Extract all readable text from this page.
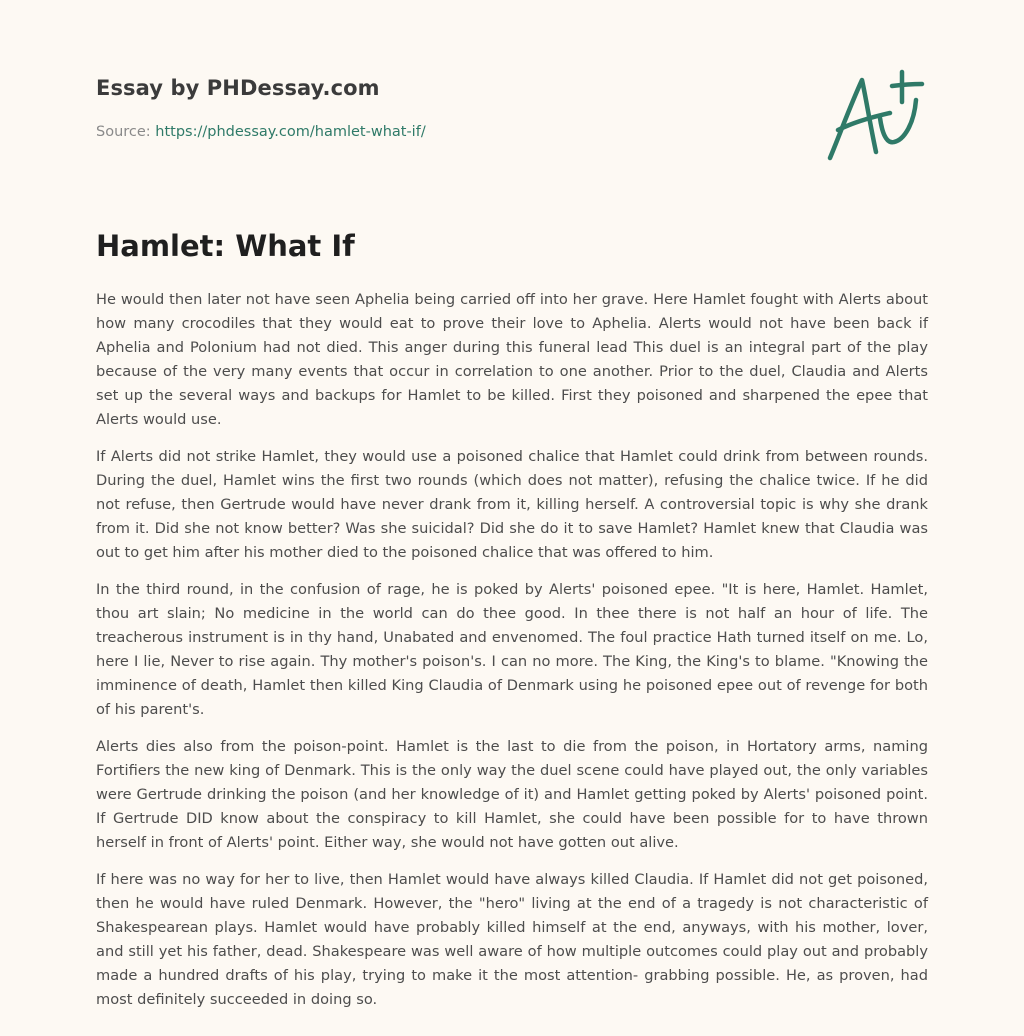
Essay by PHDessay.com
Source: https://phdessay.com/hamlet-what-if/
Hamlet: What If

He would then later not have seen Aphelia being carried off into her grave. Here Hamlet fought with Alerts about how many crocodiles that they would eat to prove their love to Aphelia. Alerts would not have been back if Aphelia and Polonium had not died. This anger during this funeral lead This duel is an integral part of the play because of the very many events that occur in correlation to one another. Prior to the duel, Claudia and Alerts set up the several ways and backups for Hamlet to be killed. First they poisoned and sharpened the epee that Alerts would use.

If Alerts did not strike Hamlet, they would use a poisoned chalice that Hamlet could drink from between rounds. During the duel, Hamlet wins the first two rounds (which does not matter), refusing the chalice twice. If he did not refuse, then Gertrude would have never drank from it, killing herself. A controversial topic is why she drank from it. Did she not know better? Was she suicidal? Did she do it to save Hamlet? Hamlet knew that Claudia was out to get him after his mother died to the poisoned chalice that was offered to him.

In the third round, in the confusion of rage, he is poked by Alerts' poisoned epee. "It is here, Hamlet. Hamlet, thou art slain; No medicine in the world can do thee good. In thee there is not half an hour of life. The treacherous instrument is in thy hand, Unabated and envenomed. The foul practice Hath turned itself on me. Lo, here I lie, Never to rise again. Thy mother's poison's. I can no more. The King, the King's to blame. "Knowing the imminence of death, Hamlet then killed King Claudia of Denmark using he poisoned epee out of revenge for both of his parent's.

Alerts dies also from the poison-point. Hamlet is the last to die from the poison, in Hortatory arms, naming Fortifiers the new king of Denmark. This is the only way the duel scene could have played out, the only variables were Gertrude drinking the poison (and her knowledge of it) and Hamlet getting poked by Alerts' poisoned point. If Gertrude DID know about the conspiracy to kill Hamlet, she could have been possible for to have thrown herself in front of Alerts' point. Either way, she would not have gotten out alive.

If here was no way for her to live, then Hamlet would have always killed Claudia. If Hamlet did not get poisoned, then he would have ruled Denmark. However, the "hero" living at the end of a tragedy is not characteristic of Shakespearean plays. Hamlet would have probably killed himself at the end, anyways, with his mother, lover, and still yet his father, dead. Shakespeare was well aware of how multiple outcomes could play out and probably made a hundred drafts of his play, trying to make it the most attention- grabbing possible. He, as proven, had most definitely succeeded in doing so.
